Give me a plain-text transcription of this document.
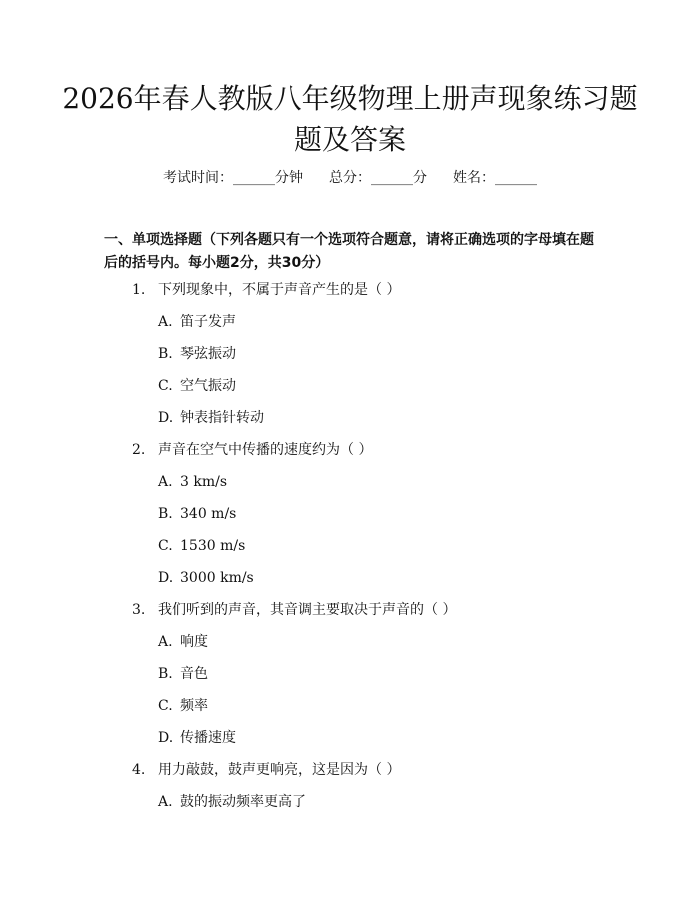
2026年春人教版八年级物理上册声现象练习题题及答案
考试时间：______分钟 总分：______分 姓名：______

一、单项选择题（下列各题只有一个选项符合题意，请将正确选项的字母填在题后的括号内。每小题2分，共30分）

1. 下列现象中，不属于声音产生的是（ ）
A. 笛子发声
B. 琴弦振动
C. 空气振动
D. 钟表指针转动
2. 声音在空气中传播的速度约为（ ）
A. 3 km/s
B. 340 m/s
C. 1530 m/s
D. 3000 km/s
3. 我们听到的声音，其音调主要取决于声音的（ ）
A. 响度
B. 音色
C. 频率
D. 传播速度
4. 用力敲鼓，鼓声更响亮，这是因为（ ）
A. 鼓的振动频率更高了
